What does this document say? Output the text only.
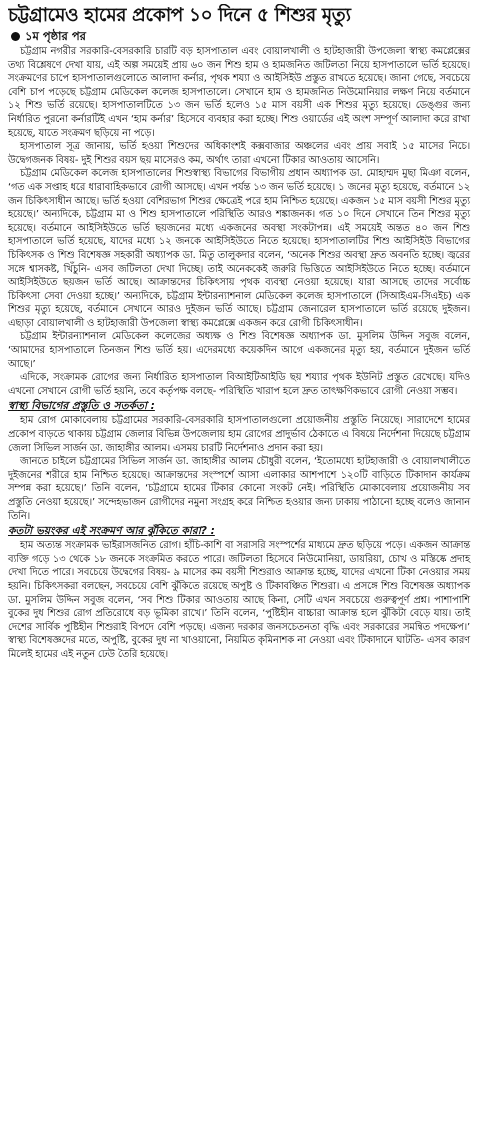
চট্টগ্রামেও হামের প্রকোপ ১০ দিনে ৫ শিশুর মৃত্যু
১ম পৃষ্ঠার পর

চট্টগ্রাম নগরীর সরকারি-বেসরকারি চারটি বড় হাসপাতাল এবং বোয়ালখালী ও হাটহাজারী উপজেলা স্বাস্থ্য কমপ্লেক্সের তথ্য বিশ্লেষণে দেখা যায়, এই অল্প সময়েই প্রায় ৬০ জন শিশু হাম ও হামজনিত জটিলতা নিয়ে হাসপাতালে ভর্তি হয়েছে। সংক্রমণের চাপে হাসপাতালগুলোতে আলাদা কর্নার, পৃথক শয্যা ও আইসিইউ প্রস্তুত রাখতে হয়েছে। জানা গেছে, সবচেয়ে বেশি চাপ পড়েছে চট্টগ্রাম মেডিকেল কলেজ হাসপাতালে। সেখানে হাম ও হামজনিত নিউমোনিয়ার লক্ষণ নিয়ে বর্তমানে ১২ শিশু ভর্তি রয়েছে। হাসপাতালটিতে ১৩ জন ভর্তি হলেও ১৫ মাস বয়সী এক শিশুর মৃত্যু হয়েছে। ডেঙ্গুর জন্য নির্ধারিত পুরনো কর্নারটিই এখন ‘হাম কর্নার’ হিসেবে ব্যবহার করা হচ্ছে। শিশু ওয়ার্ডের এই অংশ সম্পূর্ণ আলাদা করে রাখা হয়েছে, যাতে সংক্রমণ ছড়িয়ে না পড়ে।

হাসপাতাল সূত্র জানায়, ভর্তি হওয়া শিশুদের অধিকাংশই কক্সবাজার অঞ্চলের এবং প্রায় সবাই ১৫ মাসের নিচে। উদ্বেগজনক বিষয়- দুই শিশুর বয়স ছয় মাসেরও কম, অর্থাৎ তারা এখনো টিকার আওতায় আসেনি।

চট্টগ্রাম মেডিকেল কলেজ হাসপাতালের শিশুস্বাস্থ্য বিভাগের বিভাগীয় প্রধান অধ্যাপক ডা. মোহাম্মদ মুছা মিঞা বলেন, ‘গত এক সপ্তাহ ধরে ধারাবাহিকভাবে রোগী আসছে। এখন পর্যন্ত ১৩ জন ভর্তি হয়েছে। ১ জনের মৃত্যু হয়েছে, বর্তমানে ১২ জন চিকিৎসাধীন আছে। ভর্তি হওয়া বেশিরভাগ শিশুর ক্ষেত্রেই পরে হাম নিশ্চিত হয়েছে। একজন ১৫ মাস বয়সী শিশুর মৃত্যু হয়েছে।’ অন্যদিকে, চট্টগ্রাম মা ও শিশু হাসপাতালে পরিস্থিতি আরও শঙ্কাজনক। গত ১০ দিনে সেখানে তিন শিশুর মৃত্যু হয়েছে। বর্তমানে আইসিইউতে ভর্তি ছয়জনের মধ্যে একজনের অবস্থা সংকটাপন্ন। এই সময়েই অন্তত ৪০ জন শিশু হাসপাতালে ভর্তি হয়েছে, যাদের মধ্যে ১২ জনকে আইসিইউতে নিতে হয়েছে। হাসপাতালটির শিশু আইসিইউ বিভাগের চিকিৎসক ও শিশু বিশেষজ্ঞ সহকারী অধ্যাপক ডা. মিতু তালুকদার বলেন, ‘অনেক শিশুর অবস্থা দ্রুত অবনতি হচ্ছে। জ্বরের সঙ্গে শ্বাসকষ্ট, খিঁচুনি- এসব জটিলতা দেখা দিচ্ছে। তাই অনেককেই জরুরি ভিত্তিতে আইসিইউতে নিতে হচ্ছে। বর্তমানে আইসিইউতে ছয়জন ভর্তি আছে। আক্রান্তদের চিকিৎসায় পৃথক ব্যবস্থা নেওয়া হয়েছে। যারা আসছে তাদের সর্বোচ্চ চিকিৎসা সেবা দেওয়া হচ্ছে।’ অন্যদিকে, চট্টগ্রাম ইন্টারন্যাশনাল মেডিকেল কলেজ হাসপাতালে (সিআইএম-সিএইচ) এক শিশুর মৃত্যু হয়েছে, বর্তমানে সেখানে আরও দুইজন ভর্তি আছে। চট্টগ্রাম জেনারেল হাসপাতালে ভর্তি রয়েছে দুইজন। এছাড়া বোয়ালখালী ও হাটহাজারী উপজেলা স্বাস্থ্য কমপ্লেক্সে একজন করে রোগী চিকিৎসাধীন।

চট্টগ্রাম ইন্টারন্যাশনাল মেডিকেল কলেজের অধ্যক্ষ ও শিশু বিশেষজ্ঞ অধ্যাপক ডা. মুসলিম উদ্দিন সবুজ বলেন, ‘আমাদের হাসপাতালে তিনজন শিশু ভর্তি হয়। এদেরমধ্যে কয়েকদিন আগে একজনের মৃত্যু হয়, বর্তমানে দুইজন ভর্তি আছে।’

এদিকে, সংক্রামক রোগের জন্য নির্ধারিত হাসপাতাল বিআইটিআইডি ছয় শয্যার পৃথক ইউনিট প্রস্তুত রেখেছে। যদিও এখনো সেখানে রোগী ভর্তি হয়নি, তবে কর্তৃপক্ষ বলছে- পরিস্থিতি খারাপ হলে দ্রুত তাৎক্ষণিকভাবে রোগী নেওয়া সম্ভব।

স্বাস্থ্য বিভাগের প্রস্তুতি ও সতর্কতা :

হাম রোগ মোকাবেলায় চট্টগ্রামের সরকারি-বেসরকারি হাসপাতালগুলো প্রয়োজনীয় প্রস্তুতি নিয়েছে। সারাদেশে হামের প্রকোপ বাড়তে থাকায় চট্টগ্রাম জেলার বিভিন্ন উপজেলায় হাম রোগের প্রাদুর্ভাব ঠেকাতে এ বিষয়ে নির্দেশনা দিয়েছে চট্টগ্রাম জেলা সিভিল সার্জন ডা. জাহাঙ্গীর আলম। এসময় চারটি নির্দেশনাও প্রদান করা হয়।

জানতে চাইলে চট্টগ্রামের সিভিল সার্জন ডা. জাহাঙ্গীর আলম চৌধুরী বলেন, ‘ইতোমধ্যে হাটহাজারী ও বোয়ালখালীতে দুইজনের শরীরে হাম নিশ্চিত হয়েছে। আক্রান্তদের সংস্পর্শে আসা এলাকার আশপাশে ১২০টি বাড়িতে টিকাদান কার্যক্রম সম্পন্ন করা হয়েছে।’ তিনি বলেন, ‘চট্টগ্রামে হামের টিকার কোনো সংকট নেই। পরিস্থিতি মোকাবেলায় প্রয়োজনীয় সব প্রস্তুতি নেওয়া হয়েছে।’ সন্দেহভাজন রোগীদের নমুনা সংগ্রহ করে নিশ্চিত হওয়ার জন্য ঢাকায় পাঠানো হচ্ছে বলেও জানান তিনি।

কতটা ভয়ংকর এই সংক্রমণ আর ঝুঁকিতে কারা? :

হাম অত্যন্ত সংক্রামক ভাইরাসজনিত রোগ। হাঁচি-কাশি বা সরাসরি সংস্পর্শের মাধ্যমে দ্রুত ছড়িয়ে পড়ে। একজন আক্রান্ত ব্যক্তি গড়ে ১৩ থেকে ১৮ জনকে সংক্রমিত করতে পারে। জটিলতা হিসেবে নিউমোনিয়া, ডায়রিয়া, চোখ ও মস্তিষ্কে প্রদাহ দেখা দিতে পারে। সবচেয়ে উদ্বেগের বিষয়- ৯ মাসের কম বয়সী শিশুরাও আক্রান্ত হচ্ছে, যাদের এখনো টিকা নেওয়ার সময় হয়নি। চিকিৎসকরা বলছেন, সবচেয়ে বেশি ঝুঁকিতে রয়েছে অপুষ্ট ও টিকাবঞ্চিত শিশুরা। এ প্রসঙ্গে শিশু বিশেষজ্ঞ অধ্যাপক ডা. মুসলিম উদ্দিন সবুজ বলেন, ‘সব শিশু টিকার আওতায় আছে কিনা, সেটি এখন সবচেয়ে গুরুত্বপূর্ণ প্রশ্ন। পাশাপাশি বুকের দুধ শিশুর রোগ প্রতিরোধে বড় ভূমিকা রাখে।’ তিনি বলেন, ‘পুষ্টিহীন বাচ্চারা আক্রান্ত হলে ঝুঁকিটা বেড়ে যায়। তাই দেশের সার্বিক পুষ্টিহীন শিশুরাই বিপদে বেশি পড়ছে। এজন্য দরকার জনসচেতনতা বৃদ্ধি এবং সরকারের সমন্বিত পদক্ষেপ।’ স্বাস্থ্য বিশেষজ্ঞদের মতে, অপুষ্টি, বুকের দুধ না খাওয়ানো, নিয়মিত কৃমিনাশক না নেওয়া এবং টিকাদানে ঘাটতি- এসব কারণ মিলেই হামের এই নতুন ঢেউ তৈরি হয়েছে।
